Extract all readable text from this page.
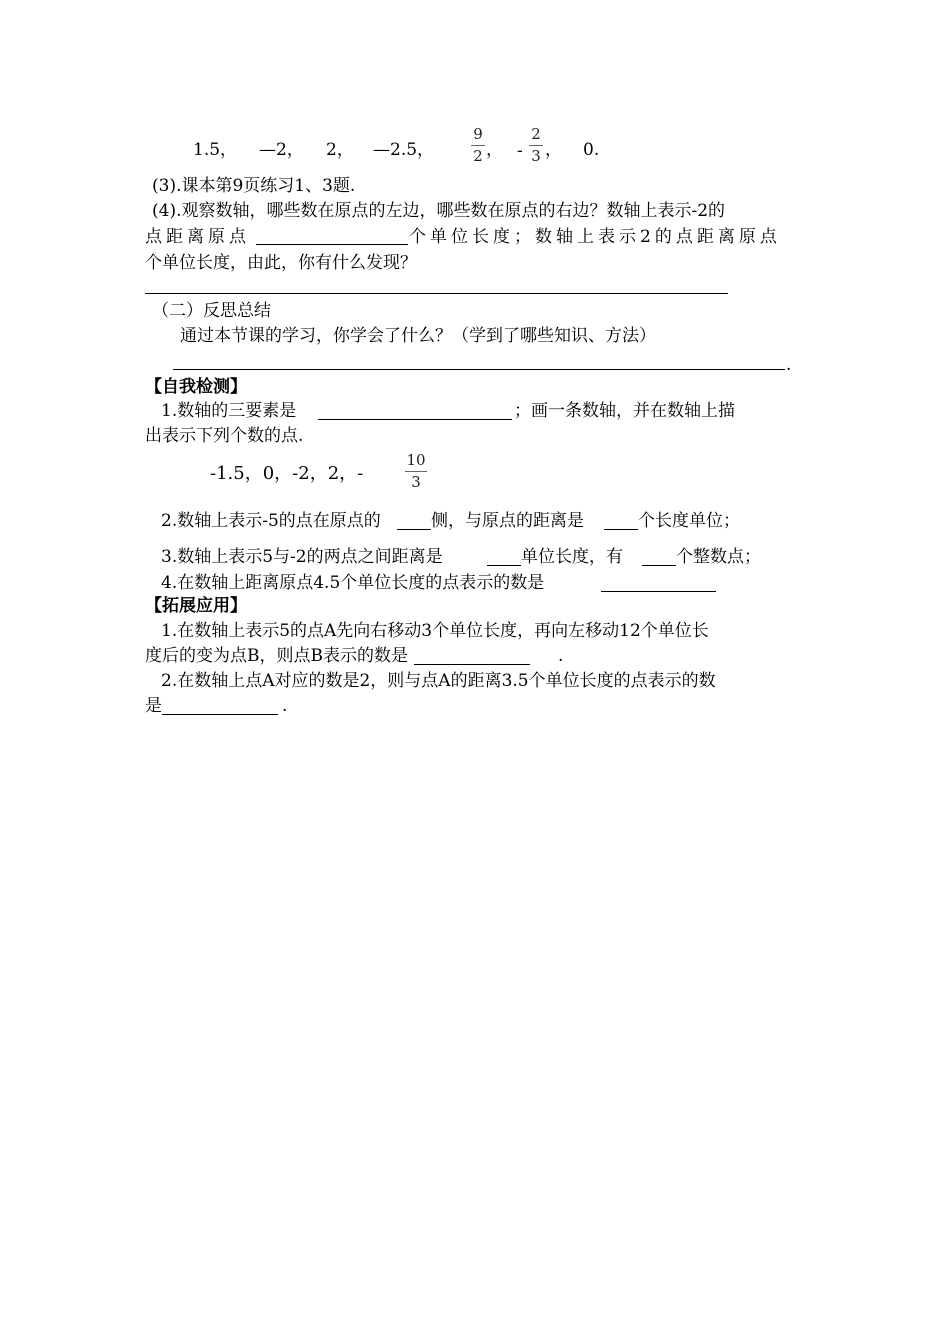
1.5， —2， 2， —2.5，
9
2 ， -
2
3 ， 0.
(3).课本第9页练习1、3题.
(4).观察数轴，哪些数在原点的左边，哪些数在原点的右边？数轴上表示-2的
点距离原点	个单位长度；数轴上表示2的点距离原点
个单位长度，由此，你有什么发现？
（二）反思总结
通过本节课的学习，你学会了什么？（学到了哪些知识、方法）
.
【自我检测】
1.数轴的三要素是	；画一条数轴，并在数轴上描
出表示下列个数的点.
-1.5，0，-2，2，-
10
3
2.数轴上表示-5的点在原点的	侧，与原点的距离是	个长度单位；
3.数轴上表示5与-2的两点之间距离是	单位长度，有	个整数点；
4.在数轴上距离原点4.5个单位长度的点表示的数是
【拓展应用】
1.在数轴上表示5的点A先向右移动3个单位长度，再向左移动12个单位长
度后的变为点B，则点B表示的数是	.
2.在数轴上点A对应的数是2，则与点A的距离3.5个单位长度的点表示的数
是	.
